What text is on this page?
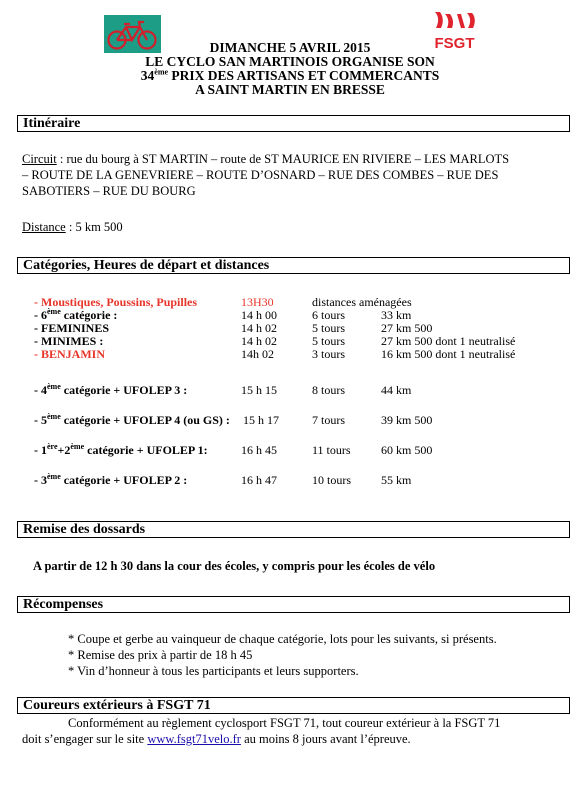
FSGT
DIMANCHE 5 AVRIL 2015
LE CYCLO SAN MARTINOIS ORGANISE SON
34ème PRIX DES ARTISANS ET COMMERCANTS
A SAINT MARTIN EN BRESSE
Itinéraire
Circuit : rue du bourg à ST MARTIN – route de ST MAURICE EN RIVIERE – LES MARLOTS
– ROUTE DE LA GENEVRIERE – ROUTE D’OSNARD – RUE DES COMBES – RUE DES
SABOTIERS – RUE DU BOURG
Distance : 5 km 500
Catégories, Heures de départ et distances
- Moustiques, Poussins, Pupilles	13H30	distances aménagées
- 6ème catégorie :	14 h 00	6 tours	33 km
- FEMININES	14 h 02	5 tours	27 km 500
- MINIMES :	14 h 02	5 tours	27 km 500 dont 1 neutralisé
- BENJAMIN	14h 02	3 tours	16 km 500 dont 1 neutralisé
- 4ème catégorie + UFOLEP 3 :	15 h 15	8 tours	44 km
- 5ème catégorie + UFOLEP 4 (ou GS) : 15 h 17	7 tours	39 km 500
- 1ère+2ème catégorie + UFOLEP 1:	16 h 45	11 tours	60 km 500
- 3ème catégorie + UFOLEP 2 :	16 h 47	10 tours	55 km
Remise des dossards
A partir de 12 h 30 dans la cour des écoles, y compris pour les écoles de vélo
Récompenses
* Coupe et gerbe au vainqueur de chaque catégorie, lots pour les suivants, si présents.
* Remise des prix à partir de 18 h 45
* Vin d’honneur à tous les participants et leurs supporters.
Coureurs extérieurs à FSGT 71
Conformément au règlement cyclosport FSGT 71, tout coureur extérieur à la FSGT 71
doit s’engager sur le site www.fsgt71velo.fr au moins 8 jours avant l’épreuve.
